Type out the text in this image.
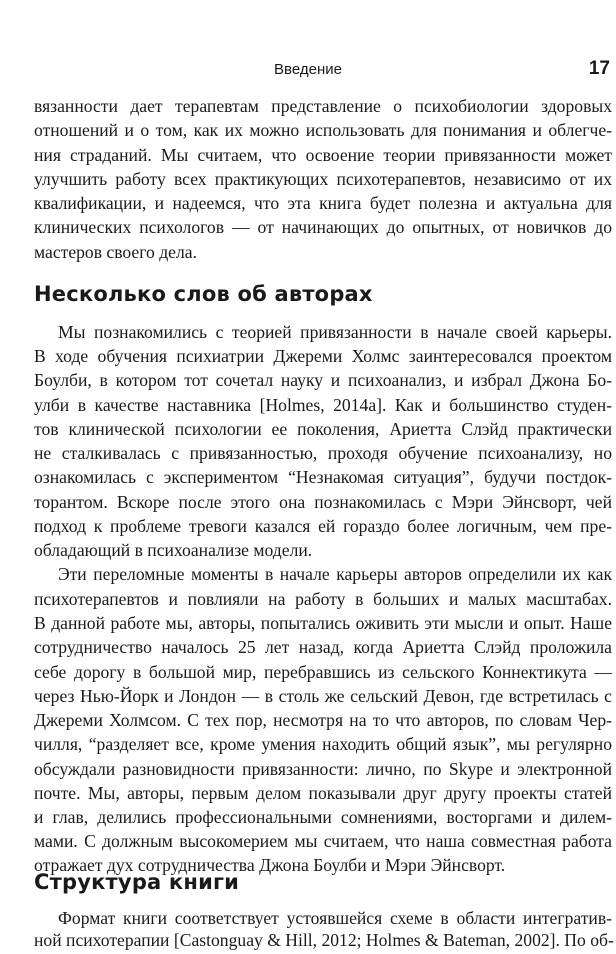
Введение	17
вязанности дает терапевтам представление о психобиологии здоровых
отношений и о том, как их можно использовать для понимания и облегче-
ния страданий. Мы считаем, что освоение теории привязанности может
улучшить работу всех практикующих психотерапевтов, независимо от их
квалификации, и надеемся, что эта книга будет полезна и актуальна для
клинических психологов — от начинающих до опытных, от новичков до
мастеров своего дела.
Несколько слов об авторах
Мы познакомились с теорией привязанности в начале своей карьеры.
В ходе обучения психиатрии Джереми Холмс заинтересовался проектом
Боулби, в котором тот сочетал науку и психоанализ, и избрал Джона Бо-
улби в качестве наставника [Holmes, 2014a]. Как и большинство студен-
тов клинической психологии ее поколения, Ариетта Слэйд практически
не сталкивалась с привязанностью, проходя обучение психоанализу, но
ознакомилась с экспериментом “Незнакомая ситуация”, будучи постдок-
торантом. Вскоре после этого она познакомилась с Мэри Эйнсворт, чей
подход к проблеме тревоги казался ей гораздо более логичным, чем пре-
обладающий в психоанализе модели.
Эти переломные моменты в начале карьеры авторов определили их как
психотерапевтов и повлияли на работу в больших и малых масштабах.
В данной работе мы, авторы, попытались оживить эти мысли и опыт. Наше
сотрудничество началось 25 лет назад, когда Ариетта Слэйд проложила
себе дорогу в большой мир, перебравшись из сельского Коннектикута —
через Нью-Йорк и Лондон — в столь же сельский Девон, где встретилась с
Джереми Холмсом. С тех пор, несмотря на то что авторов, по словам Чер-
чилля, “разделяет все, кроме умения находить общий язык”, мы регулярно
обсуждали разновидности привязанности: лично, по Skype и электронной
почте. Мы, авторы, первым делом показывали друг другу проекты статей
и глав, делились профессиональными сомнениями, восторгами и дилем-
мами. С должным высокомерием мы считаем, что наша совместная работа
отражает дух сотрудничества Джона Боулби и Мэри Эйнсворт.
Структура книги
Формат книги соответствует устоявшейся схеме в области интегратив-
ной психотерапии [Castonguay & Hill, 2012; Holmes & Bateman, 2002]. По об-
